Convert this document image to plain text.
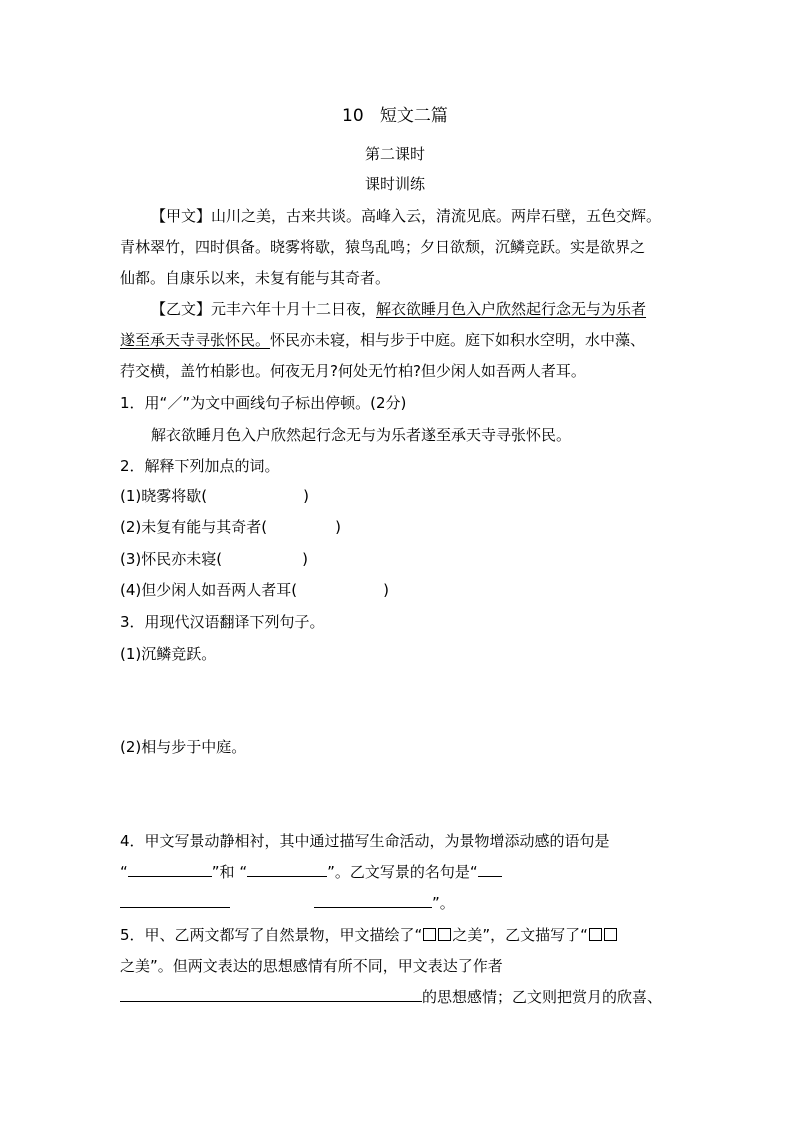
10 短文二篇
第二课时
课时训练
【甲文】山川之美，古来共谈。高峰入云，清流见底。两岸石壁，五色交辉。
青林翠竹，四时俱备。晓雾将歇，猿鸟乱鸣；夕日欲颓，沉鳞竞跃。实是欲界之
仙都。自康乐以来，未复有能与其奇者。
【乙文】元丰六年十月十二日夜，解衣欲睡月色入户欣然起行念无与为乐者
遂至承天寺寻张怀民。怀民亦未寝，相与步于中庭。庭下如积水空明，水中藻、
荇交横，盖竹柏影也。何夜无月?何处无竹柏?但少闲人如吾两人者耳。
1．用“／”为文中画线句子标出停顿。(2分)
解衣欲睡月色入户欣然起行念无与为乐者遂至承天寺寻张怀民。
2．解释下列加点的词。
(1)晓雾将歇(	)
(2)未复有能与其奇者(	)
(3)怀民亦未寝(	)
(4)但少闲人如吾两人者耳(	)
3．用现代汉语翻译下列句子。
(1)沉鳞竞跃。
(2)相与步于中庭。
4．甲文写景动静相衬，其中通过描写生命活动，为景物增添动感的语句是
“	”和 “	”。乙文写景的名句是“
”。
5．甲、乙两文都写了自然景物，甲文描绘了“ 之美”，乙文描写了“
之美”。但两文表达的思想感情有所不同，甲文表达了作者
的思想感情；乙文则把赏月的欣喜、
